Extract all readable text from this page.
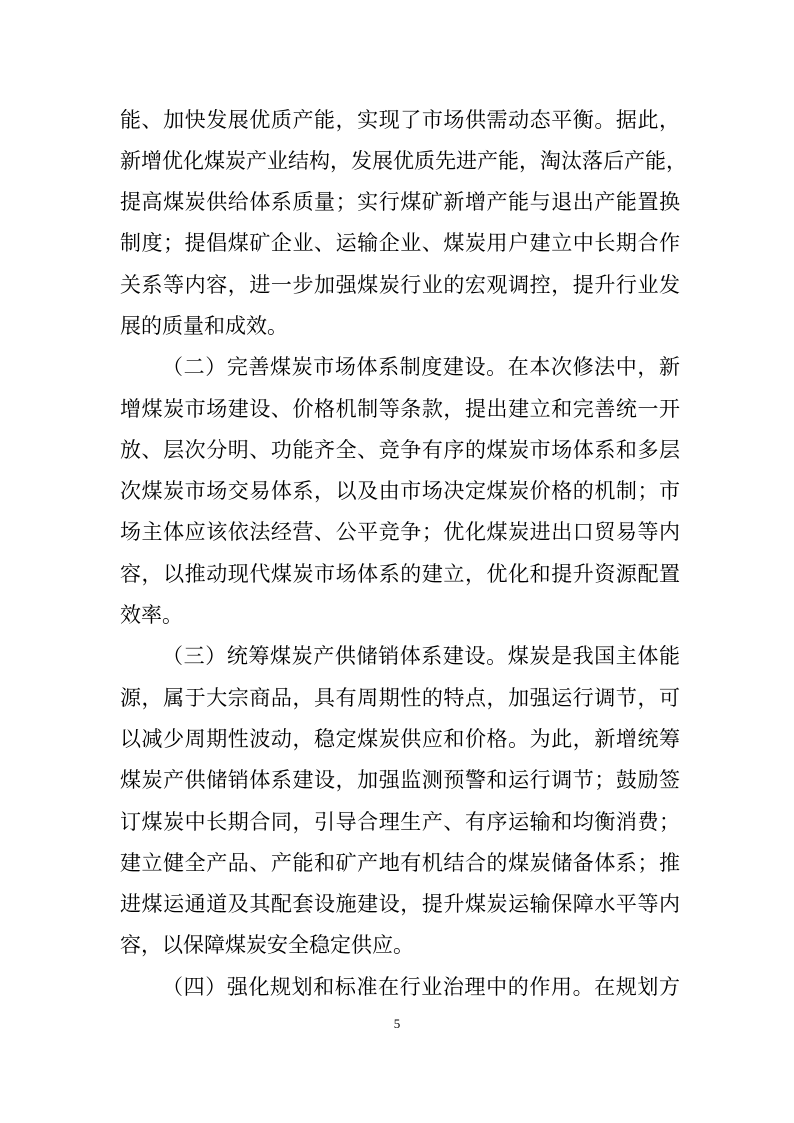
能、加快发展优质产能，实现了市场供需动态平衡。据此，
新增优化煤炭产业结构，发展优质先进产能，淘汰落后产能，
提高煤炭供给体系质量；实行煤矿新增产能与退出产能置换
制度；提倡煤矿企业、运输企业、煤炭用户建立中长期合作
关系等内容，进一步加强煤炭行业的宏观调控，提升行业发
展的质量和成效。
（二）完善煤炭市场体系制度建设。在本次修法中，新
增煤炭市场建设、价格机制等条款，提出建立和完善统一开
放、层次分明、功能齐全、竞争有序的煤炭市场体系和多层
次煤炭市场交易体系，以及由市场决定煤炭价格的机制；市
场主体应该依法经营、公平竞争；优化煤炭进出口贸易等内
容，以推动现代煤炭市场体系的建立，优化和提升资源配置
效率。
（三）统筹煤炭产供储销体系建设。煤炭是我国主体能
源，属于大宗商品，具有周期性的特点，加强运行调节，可
以减少周期性波动，稳定煤炭供应和价格。为此，新增统筹
煤炭产供储销体系建设，加强监测预警和运行调节；鼓励签
订煤炭中长期合同，引导合理生产、有序运输和均衡消费；
建立健全产品、产能和矿产地有机结合的煤炭储备体系；推
进煤运通道及其配套设施建设，提升煤炭运输保障水平等内
容，以保障煤炭安全稳定供应。
（四）强化规划和标准在行业治理中的作用。在规划方
5
